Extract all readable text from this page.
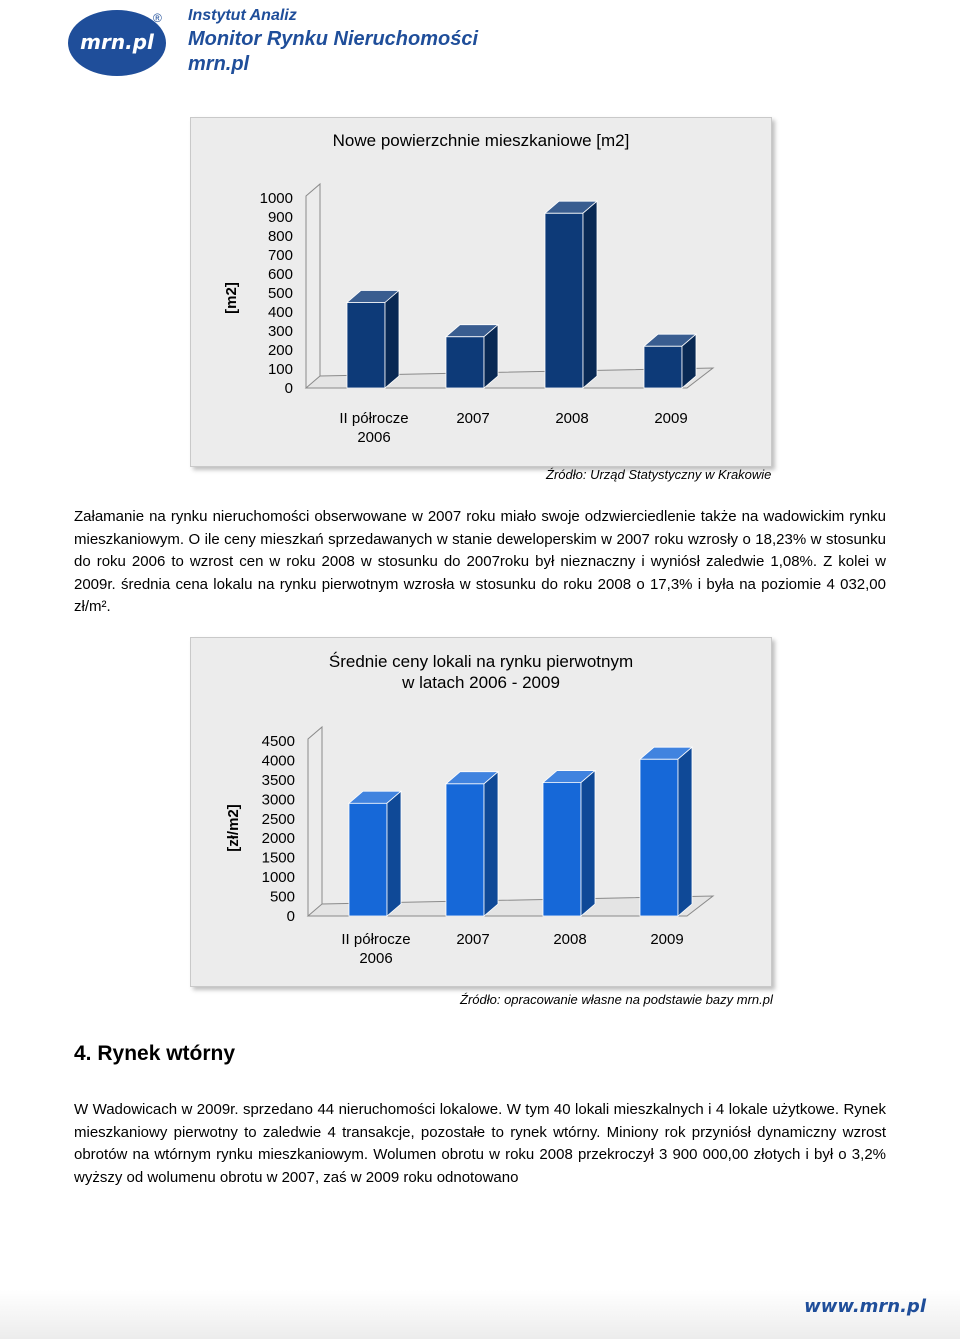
mrn.pl
® Instytut Analiz
Monitor Rynku Nieruchomości
mrn.pl
Nowe powierzchnie mieszkaniowe [m2]
1000
900
800
700
600
500
400
300
200
100
0
[m2]
II półrocze
2006
2007	2008	2009
Źródło: Urząd Statystyczny w Krakowie
Załamanie na rynku nieruchomości obserwowane w 2007 roku miało swoje odzwierciedlenie także na wadowickim rynku mieszkaniowym. O ile ceny mieszkań sprzedawanych w stanie deweloperskim w 2007 roku wzrosły o 18,23% w stosunku do roku 2006 to wzrost cen w roku 2008 w stosunku do 2007roku był nieznaczny i wyniósł zaledwie 1,08%. Z kolei w 2009r. średnia cena lokalu na rynku pierwotnym wzrosła w stosunku do roku 2008 o 17,3% i była na poziomie 4 032,00 zł/m².
Średnie ceny lokali na rynku pierwotnym
w latach 2006 - 2009
4500
4000
3500
3000
2500
2000
1500
1000
500
0
[zł/m2]
II półrocze
2006
2007	2008	2009
Źródło: opracowanie własne na podstawie bazy mrn.pl
4. Rynek wtórny
W Wadowicach w 2009r. sprzedano 44 nieruchomości lokalowe. W tym 40 lokali mieszkalnych i 4 lokale użytkowe. Rynek mieszkaniowy pierwotny to zaledwie 4 transakcje, pozostałe to rynek wtórny. Miniony rok przyniósł dynamiczny wzrost obrotów na wtórnym rynku mieszkaniowym. Wolumen obrotu w roku 2008 przekroczył 3 900 000,00 złotych i był o 3,2% wyższy od wolumenu obrotu w 2007, zaś w 2009 roku odnotowano
www.mrn.pl
